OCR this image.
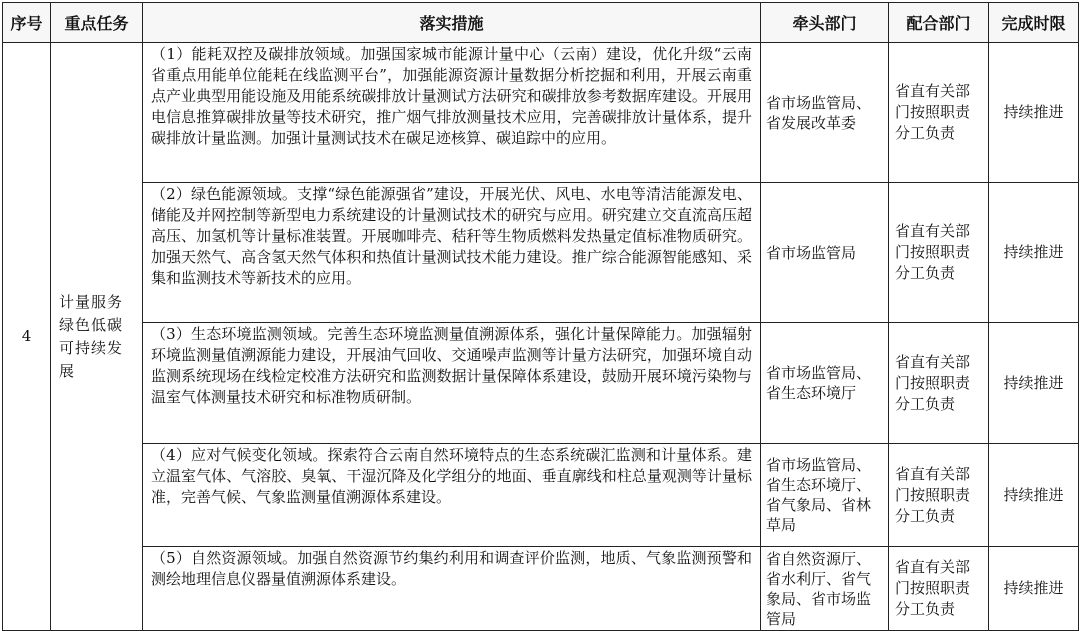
序号	重点任务	落实措施	牵头部门	配合部门	完成时限
4	计量服务绿色低碳可持续发展	（1）能耗双控及碳排放领域。加强国家城市能源计量中心（云南）建设，优化升级“云南省重点用能单位能耗在线监测平台”，加强能源资源计量数据分析挖掘和利用，开展云南重点产业典型用能设施及用能系统碳排放计量测试方法研究和碳排放参考数据库建设。开展用电信息推算碳排放量等技术研究，推广烟气排放测量技术应用，完善碳排放计量体系，提升碳排放计量监测。加强计量测试技术在碳足迹核算、碳追踪中的应用。	省市场监管局、省发展改革委	省直有关部门按照职责分工负责	持续推进
		（2）绿色能源领域。支撑“绿色能源强省”建设，开展光伏、风电、水电等清洁能源发电、储能及并网控制等新型电力系统建设的计量测试技术的研究与应用。研究建立交直流高压超高压、加氢机等计量标准装置。开展咖啡壳、秸秆等生物质燃料发热量定值标准物质研究。加强天然气、高含氢天然气体积和热值计量测试技术能力建设。推广综合能源智能感知、采集和监测技术等新技术的应用。	省市场监管局	省直有关部门按照职责分工负责	持续推进
		（3）生态环境监测领域。完善生态环境监测量值溯源体系，强化计量保障能力。加强辐射环境监测量值溯源能力建设，开展油气回收、交通噪声监测等计量方法研究，加强环境自动监测系统现场在线检定校准方法研究和监测数据计量保障体系建设，鼓励开展环境污染物与温室气体测量技术研究和标准物质研制。	省市场监管局、省生态环境厅	省直有关部门按照职责分工负责	持续推进
		（4）应对气候变化领域。探索符合云南自然环境特点的生态系统碳汇监测和计量体系。建立温室气体、气溶胶、臭氧、干湿沉降及化学组分的地面、垂直廓线和柱总量观测等计量标准，完善气候、气象监测量值溯源体系建设。	省市场监管局、省生态环境厅、省气象局、省林草局	省直有关部门按照职责分工负责	持续推进
		（5）自然资源领域。加强自然资源节约集约利用和调查评价监测，地质、气象监测预警和测绘地理信息仪器量值溯源体系建设。	省自然资源厅、省水利厅、省气象局、省市场监管局	省直有关部门按照职责分工负责	持续推进
